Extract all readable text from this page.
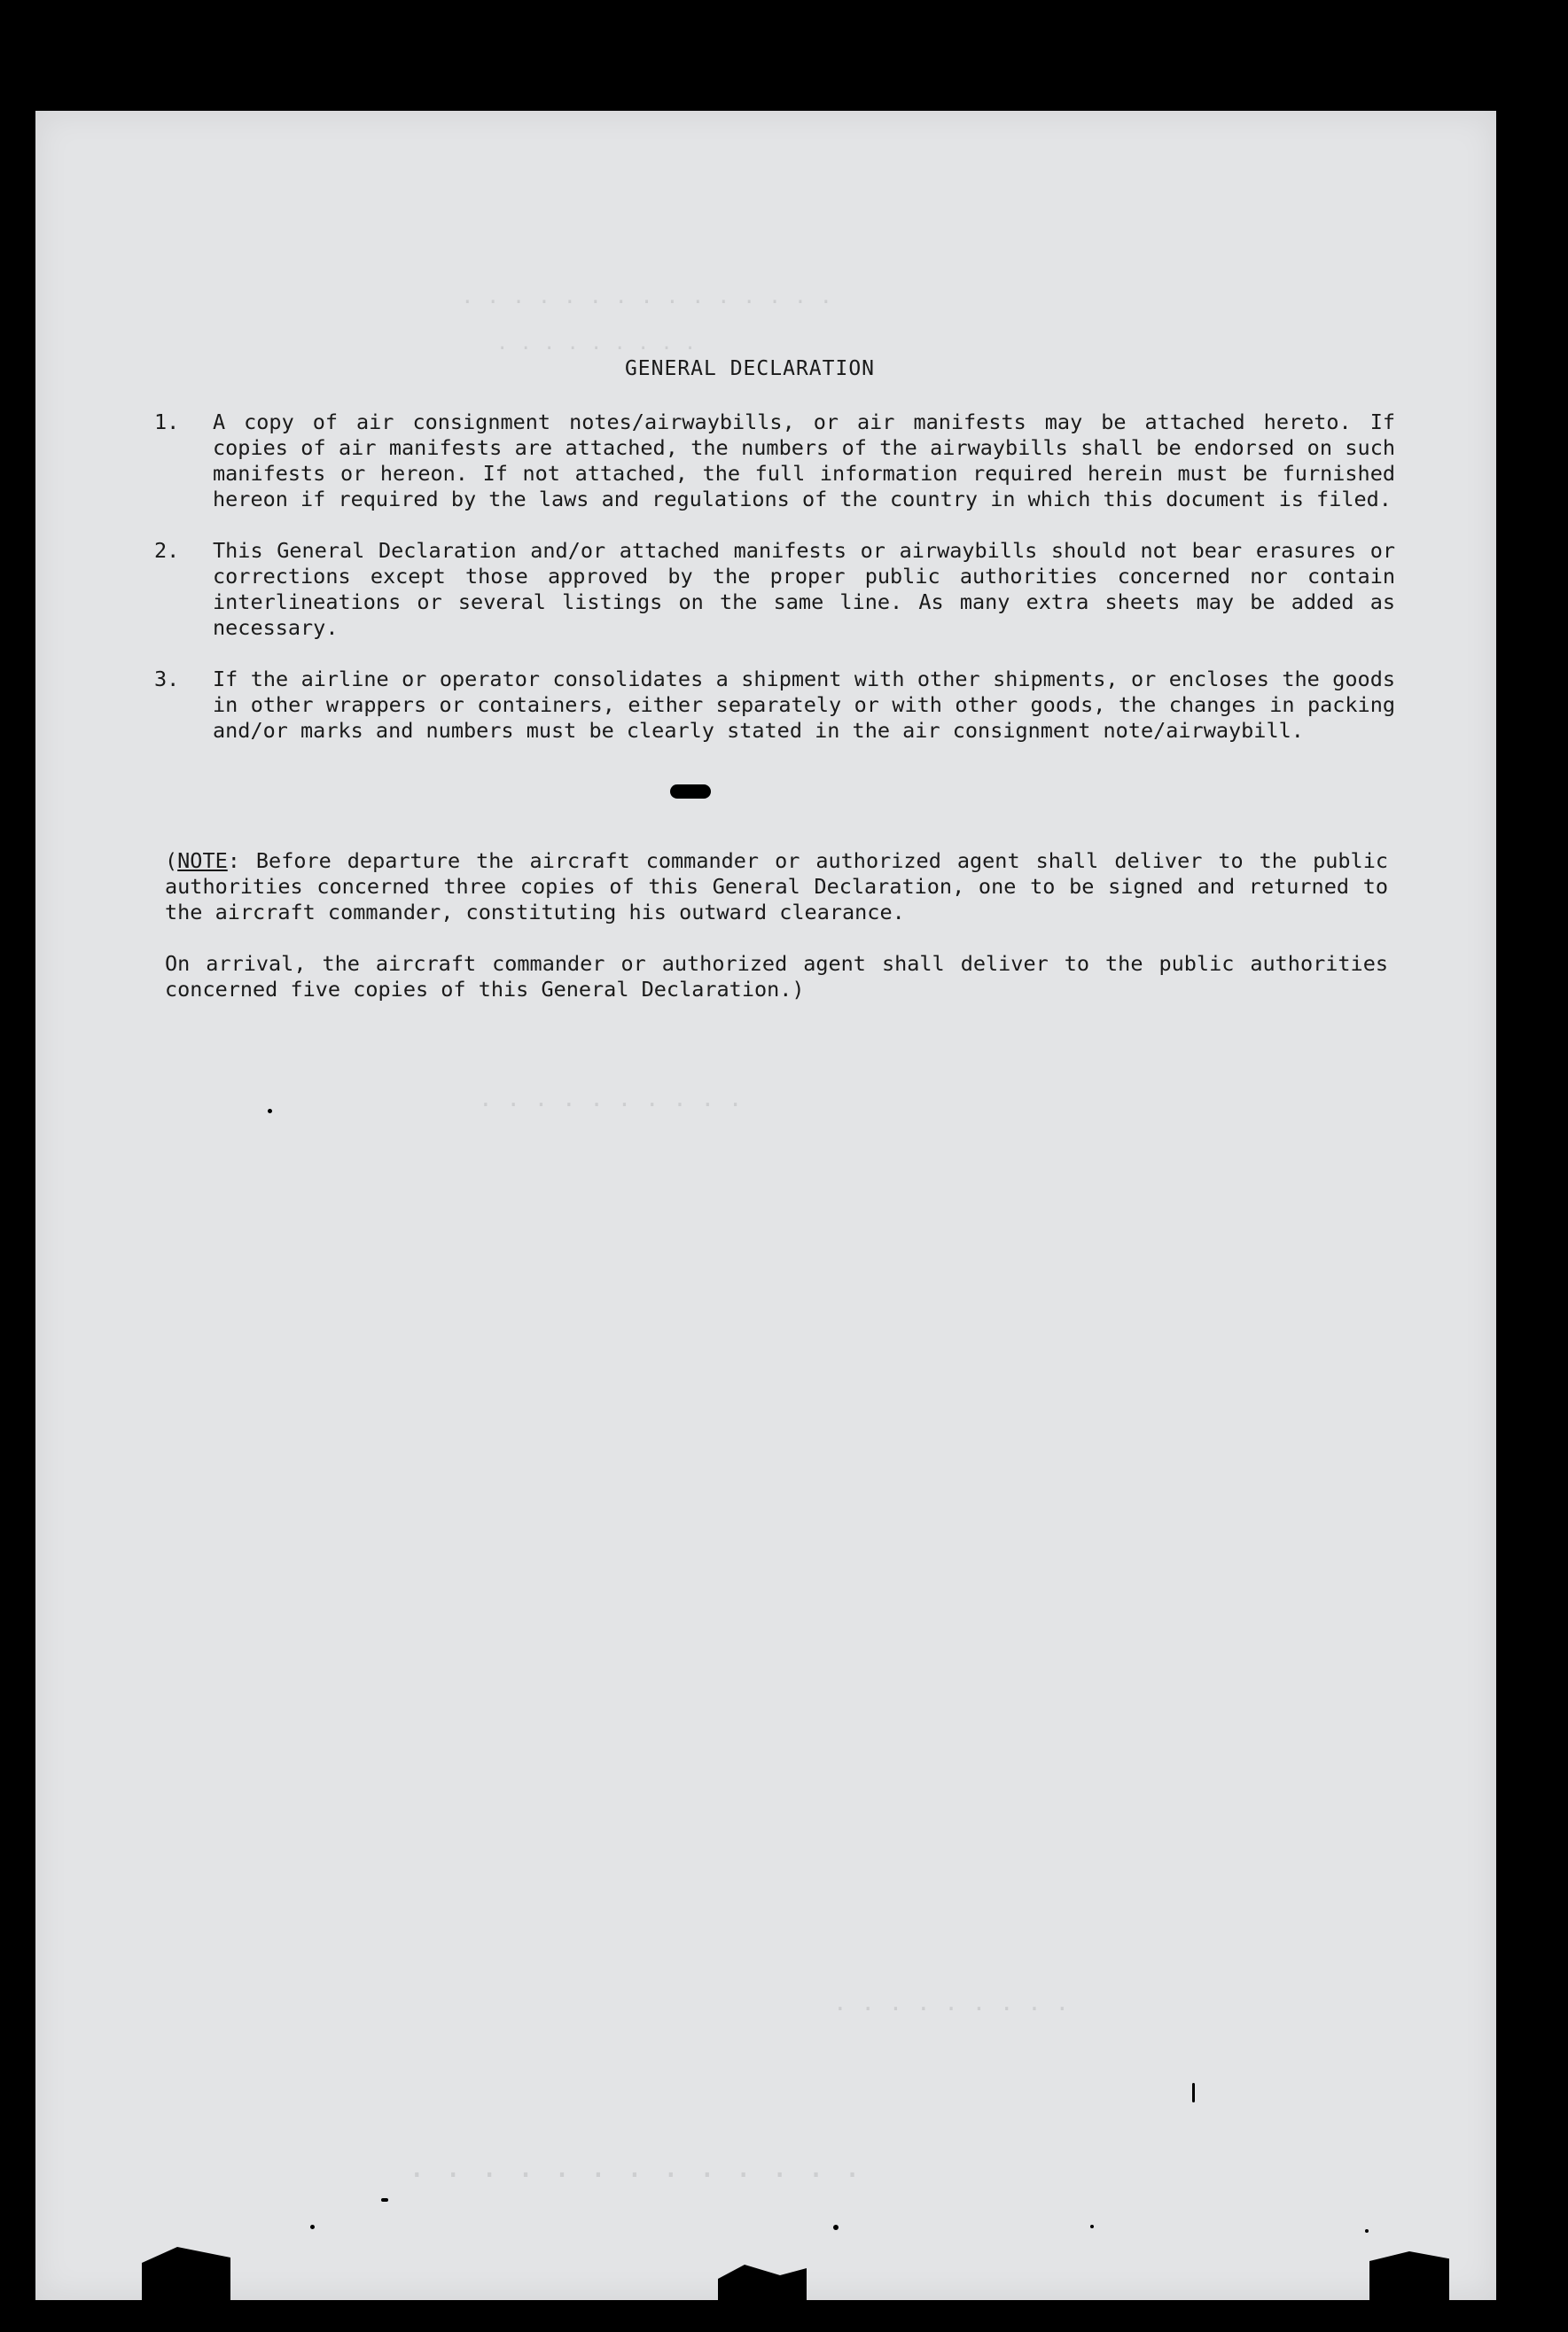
. . . . . . . . . . . . . . .
. . . . . . . . .
. . . . . . . . . .
. . . . . . . . .
. . . . . . . . . . . . .
GENERAL DECLARATION
1. A copy of air consignment notes/airwaybills, or air manifests may be attached hereto. If copies of air manifests are attached, the numbers of the airwaybills shall be endorsed on such manifests or hereon. If not attached, the full information required herein must be furnished hereon if required by the laws and regulations of the country in which this document is filed.
2. This General Declaration and/or attached manifests or airwaybills should not bear erasures or corrections except those approved by the proper public authorities concerned nor contain interlineations or several listings on the same line. As many extra sheets may be added as necessary.
3. If the airline or operator consolidates a shipment with other shipments, or encloses the goods in other wrappers or containers, either separately or with other goods, the changes in packing and/or marks and numbers must be clearly stated in the air consignment note/airwaybill.

(NOTE: Before departure the aircraft commander or authorized agent shall deliver to the public authorities concerned three copies of this General Declaration, one to be signed and returned to the aircraft commander, constituting his outward clearance.

On arrival, the aircraft commander or authorized agent shall deliver to the public authorities concerned five copies of this General Declaration.)
